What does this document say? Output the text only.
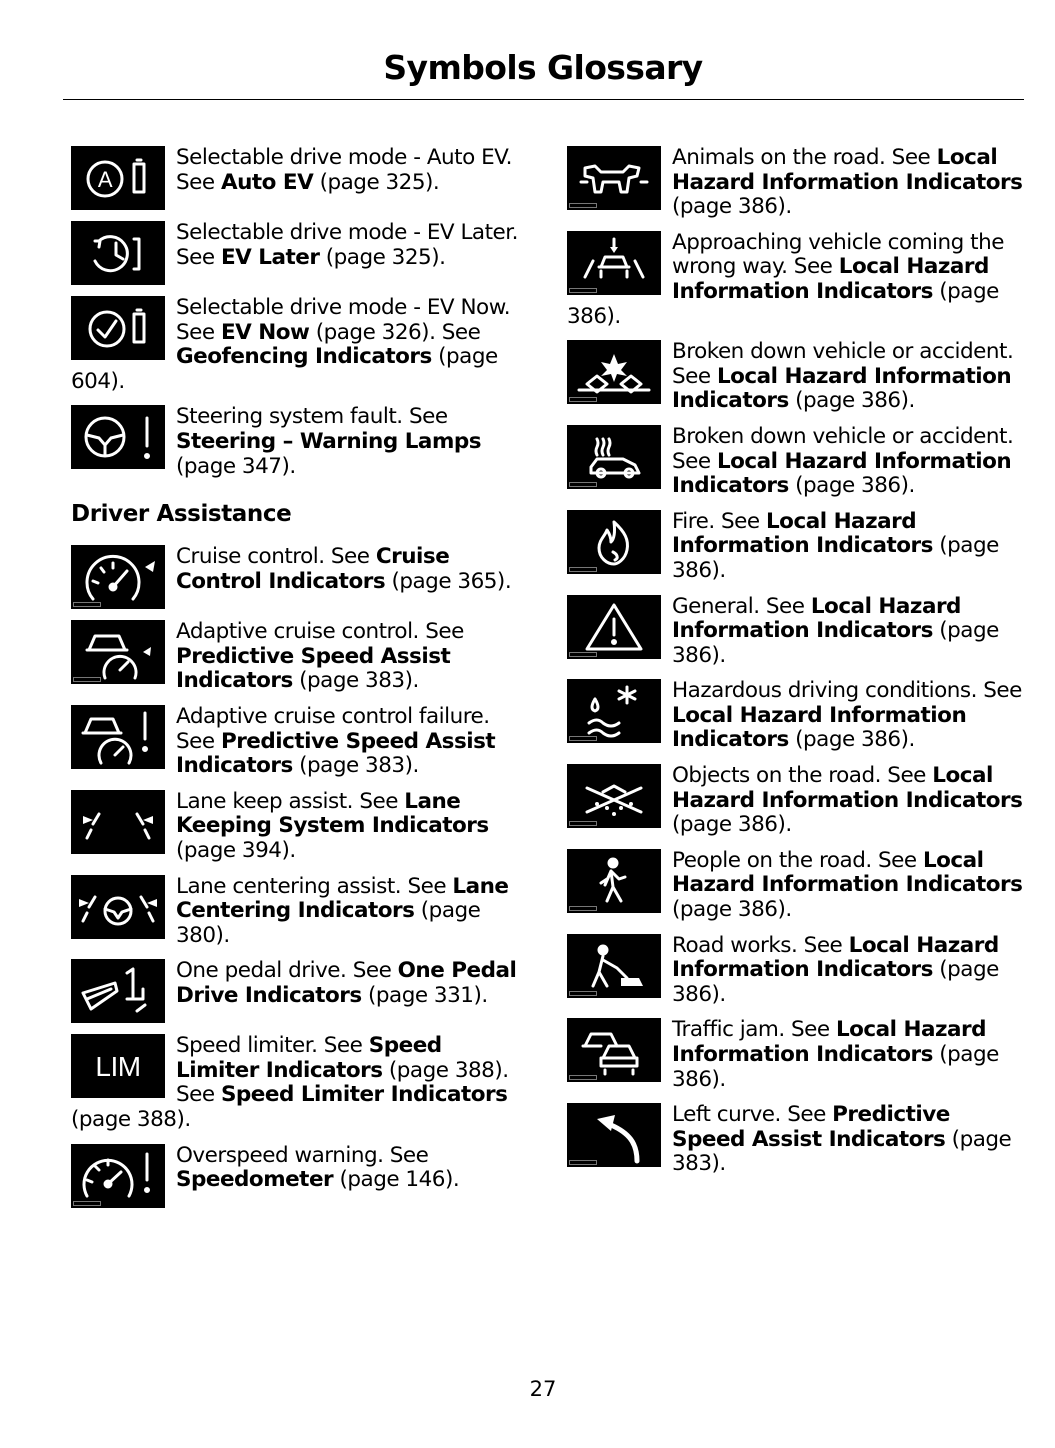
Symbols Glossary
A
Selectable drive mode - Auto EV. See Auto EV (page 325).
Selectable drive mode - EV Later. See EV Later (page 325).
Selectable drive mode - EV Now. See EV Now (page 326). See Geofencing Indicators (page 604).
Steering system fault. See Steering – Warning Lamps (page 347).
Driver Assistance
Cruise control. See Cruise Control Indicators (page 365).
Adaptive cruise control. See Predictive Speed Assist Indicators (page 383).
Adaptive cruise control failure. See Predictive Speed Assist Indicators (page 383).
Lane keep assist. See Lane Keeping System Indicators (page 394).
Lane centering assist. See Lane Centering Indicators (page 380).
One pedal drive. See One Pedal Drive Indicators (page 331).
LIM
Speed limiter. See Speed Limiter Indicators (page 388). See Speed Limiter Indicators (page 388).
Overspeed warning. See Speedometer (page 146).
Animals on the road. See Local Hazard Information Indicators (page 386).
Approaching vehicle coming the wrong way. See Local Hazard Information Indicators (page 386).
Broken down vehicle or accident. See Local Hazard Information Indicators (page 386).
Broken down vehicle or accident. See Local Hazard Information Indicators (page 386).
Fire. See Local Hazard Information Indicators (page 386).
General. See Local Hazard Information Indicators (page 386).
Hazardous driving conditions. See Local Hazard Information Indicators (page 386).
Objects on the road. See Local Hazard Information Indicators (page 386).
People on the road. See Local Hazard Information Indicators (page 386).
Road works. See Local Hazard Information Indicators (page 386).
Traffic jam. See Local Hazard Information Indicators (page 386).
Left curve. See Predictive Speed Assist Indicators (page 383).
27
